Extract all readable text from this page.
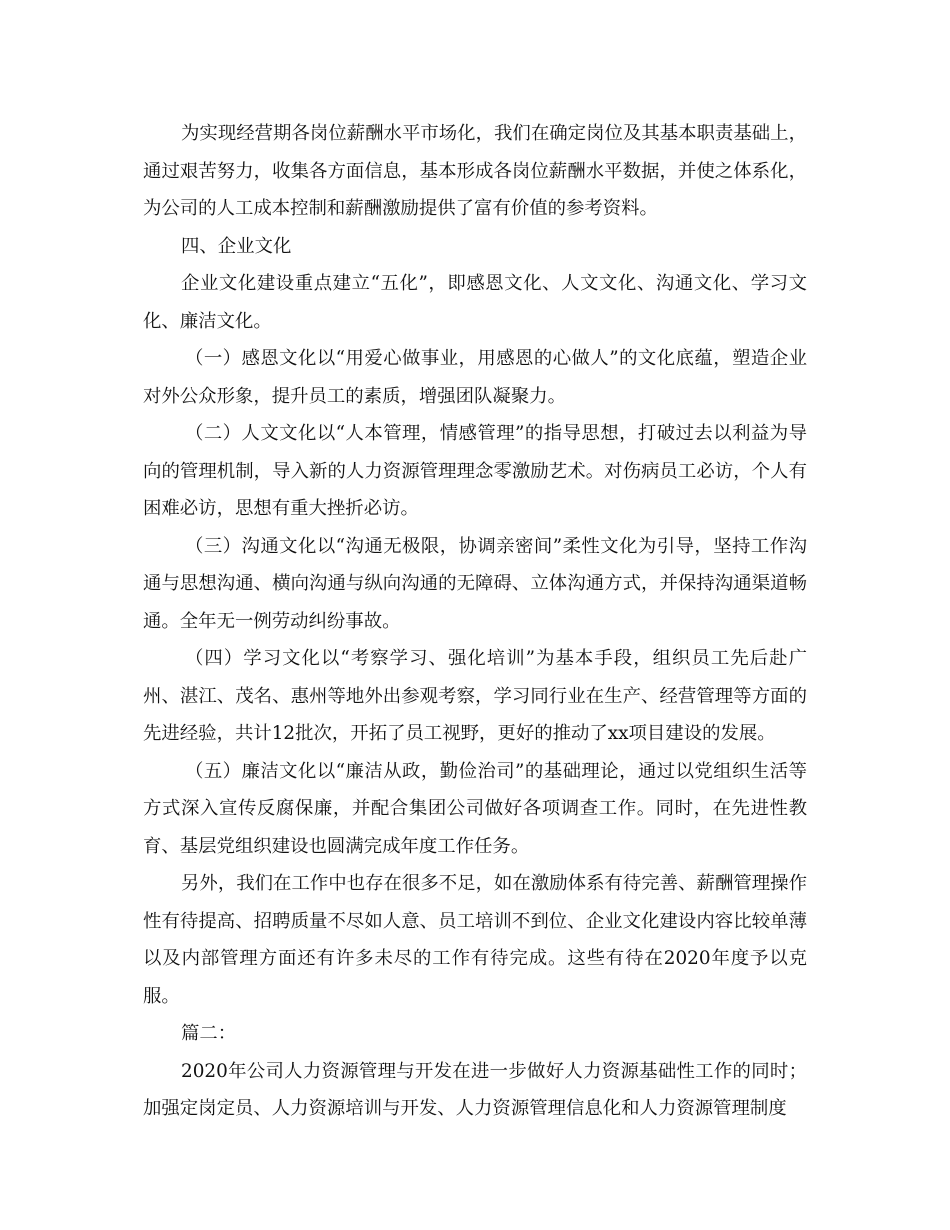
为实现经营期各岗位薪酬水平市场化，我们在确定岗位及其基本职责基础上，通过艰苦努力，收集各方面信息，基本形成各岗位薪酬水平数据，并使之体系化，为公司的人工成本控制和薪酬激励提供了富有价值的参考资料。

四、企业文化

企业文化建设重点建立“五化”，即感恩文化、人文文化、沟通文化、学习文化、廉洁文化。

（一）感恩文化以“用爱心做事业，用感恩的心做人”的文化底蕴，塑造企业对外公众形象，提升员工的素质，增强团队凝聚力。

（二）人文文化以“人本管理，情感管理”的指导思想，打破过去以利益为导向的管理机制，导入新的人力资源管理理念零激励艺术。对伤病员工必访，个人有困难必访，思想有重大挫折必访。

（三）沟通文化以“沟通无极限，协调亲密间”柔性文化为引导，坚持工作沟通与思想沟通、横向沟通与纵向沟通的无障碍、立体沟通方式，并保持沟通渠道畅通。全年无一例劳动纠纷事故。

（四）学习文化以“考察学习、强化培训”为基本手段，组织员工先后赴广州、湛江、茂名、惠州等地外出参观考察，学习同行业在生产、经营管理等方面的先进经验，共计12批次，开拓了员工视野，更好的推动了xx项目建设的发展。

（五）廉洁文化以“廉洁从政，勤俭治司”的基础理论，通过以党组织生活等方式深入宣传反腐保廉，并配合集团公司做好各项调查工作。同时，在先进性教育、基层党组织建设也圆满完成年度工作任务。

另外，我们在工作中也存在很多不足，如在激励体系有待完善、薪酬管理操作性有待提高、招聘质量不尽如人意、员工培训不到位、企业文化建设内容比较单薄以及内部管理方面还有许多未尽的工作有待完成。这些有待在2020年度予以克服。

篇二：

2020年公司人力资源管理与开发在进一步做好人力资源基础性工作的同时；加强定岗定员、人力资源培训与开发、人力资源管理信息化和人力资源管理制度
